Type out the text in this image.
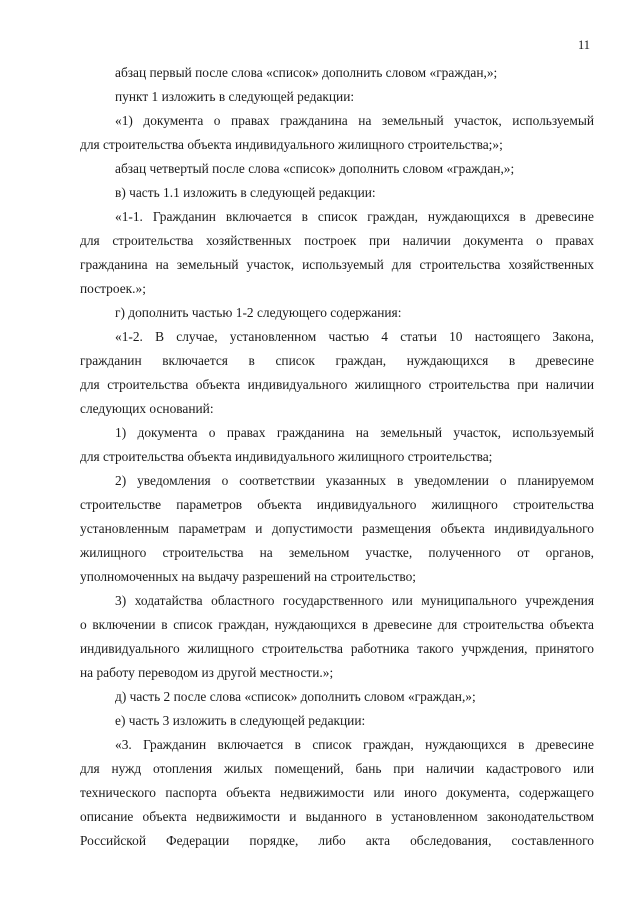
11
абзац первый после слова «список» дополнить словом «граждан,»;
пункт 1 изложить в следующей редакции:
«1) документа о правах гражданина на земельный участок, используемый
для строительства объекта индивидуального жилищного строительства;»;
абзац четвертый после слова «список» дополнить словом «граждан,»;
в) часть 1.1 изложить в следующей редакции:
«1-1. Гражданин включается в список граждан, нуждающихся в древесине
для строительства хозяйственных построек при наличии документа о правах
гражданина на земельный участок, используемый для строительства хозяйственных
построек.»;
г) дополнить частью 1-2 следующего содержания:
«1-2. В случае, установленном частью 4 статьи 10 настоящего Закона,
гражданин включается в список граждан, нуждающихся в древесине
для строительства объекта индивидуального жилищного строительства при наличии
следующих оснований:
1) документа о правах гражданина на земельный участок, используемый
для строительства объекта индивидуального жилищного строительства;
2) уведомления о соответствии указанных в уведомлении о планируемом
строительстве параметров объекта индивидуального жилищного строительства
установленным параметрам и допустимости размещения объекта индивидуального
жилищного строительства на земельном участке, полученного от органов,
уполномоченных на выдачу разрешений на строительство;
3) ходатайства областного государственного или муниципального учреждения
о включении в список граждан, нуждающихся в древесине для строительства объекта
индивидуального жилищного строительства работника такого учрждения, принятого
на работу переводом из другой местности.»;
д) часть 2 после слова «список» дополнить словом «граждан,»;
е) часть 3 изложить в следующей редакции:
«3. Гражданин включается в список граждан, нуждающихся в древесине
для нужд отопления жилых помещений, бань при наличии кадастрового или
технического паспорта объекта недвижимости или иного документа, содержащего
описание объекта недвижимости и выданного в установленном законодательством
Российской Федерации порядке, либо акта обследования, составленного
